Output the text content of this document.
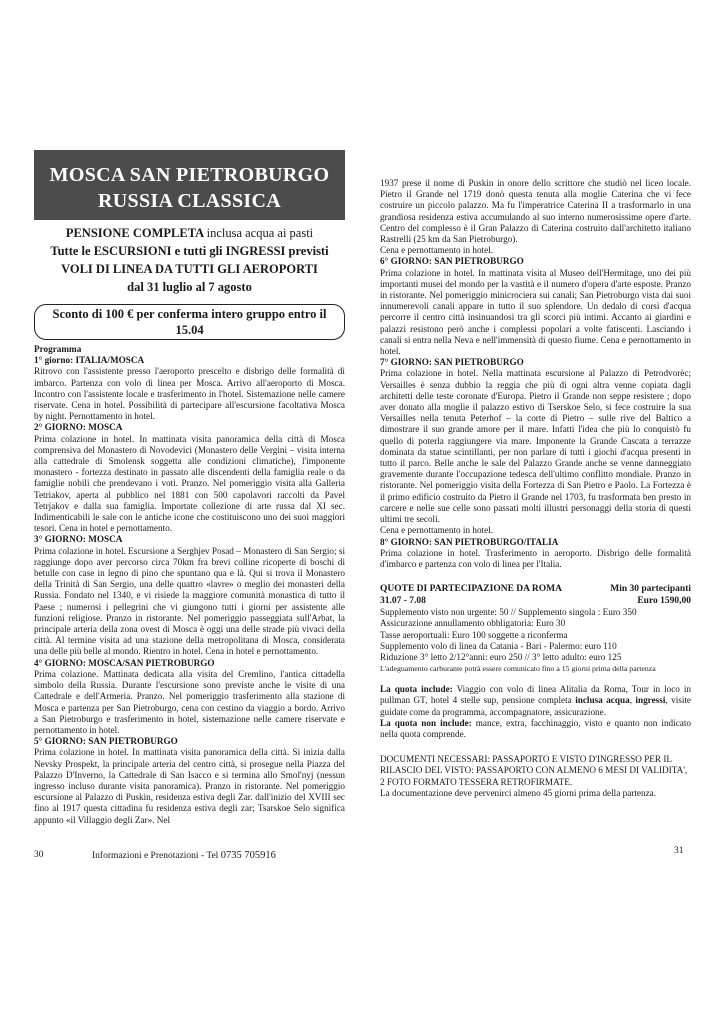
MOSCA SAN PIETROBURGO
RUSSIA CLASSICA
PENSIONE COMPLETA inclusa acqua ai pasti
Tutte le ESCURSIONI e tutti gli INGRESSI previsti
VOLI DI LINEA DA TUTTI GLI AEROPORTI
dal 31 luglio al 7 agosto
Sconto di 100 € per conferma intero gruppo entro il 15.04

Programma

1° giorno: ITALIA/MOSCA

Ritrovo con l'assistente presso l'aeroporto prescelto e disbrigo delle formalità di imbarco. Partenza con volo di linea per Mosca. Arrivo all'aeroporto di Mosca. Incontro con l'assistente locale e trasferimento in l'hotel. Sistemazione nelle camere riservate. Cena in hotel. Possibilità di partecipare all'escursione facoltativa Mosca by night. Pernottamento in hotel.

2° GIORNO: MOSCA

Prima colazione in hotel. In mattinata visita panoramica della città di Mosca comprensiva del Monastero di Novodevici (Monastero delle Vergini – visita interna alla cattedrale di Smolensk soggetta alle condizioni climatiche), l'imponente monastero - fortezza destinato in passato alle discendenti della famiglia reale o da famiglie nobili che prendevano i voti. Pranzo. Nel pomeriggio visita alla Galleria Tetriakov, aperta al pubblico nel 1881 con 500 capolavori raccolti da Pavel Tetrjakov e dalla sua famiglia. Importate collezione di arte russa dal XI sec. Indimenticabili le sale con le antiche icone che costituiscono uno dei suoi maggiori tesori. Cena in hotel e pernottamento.

3° GIORNO: MOSCA

Prima colazione in hotel. Escursione a Serghjev Posad – Monastero di San Sergio; si raggiunge dopo aver percorso circa 70km fra brevi colline ricoperte di boschi di betulle con case in legno di pino che spuntano qua e là. Qui si trova il Monastero della Trinità di San Sergio, una delle quattro «lavre» o meglio dei monasteri della Russia. Fondato nel 1340, e vi risiede la maggiore comunità monastica di tutto il Paese ; numerosi i pellegrini che vi giungono tutti i giorni per assistente alle funzioni religiose. Pranzo in ristorante. Nel pomeriggio passeggiata sull'Arbat, la principale arteria della zona ovest di Mosca è oggi una delle strade più vivaci della città. Al termine visita ad una stazione della metropolitana di Mosca, considerata una delle più belle al mondo. Rientro in hotel. Cena in hotel e pernottamento.

4° GIORNO: MOSCA/SAN PIETROBURGO

Prima colazione. Mattinata dedicata alla visita del Cremlino, l'antica cittadella simbolo della Russia. Durante l'escursione sono previste anche le visite di una Cattedrale e dell'Armeria. Pranzo. Nel pomeriggio trasferimento alla stazione di Mosca e partenza per San Pietroburgo, cena con cestino da viaggio a bordo. Arrivo a San Pietroburgo e trasferimento in hotel, sistemazione nelle camere riservate e pernottamento in hotel.

5° GIORNO: SAN PIETROBURGO

Prima colazione in hotel. In mattinata visita panoramica della città. Si inizia dalla Nevsky Prospekt, la principale arteria del centro città, si prosegue nella Piazza del Palazzo D'Inverno, la Cattedrale di San Isacco e si termina allo Smol'nyj (nessun ingresso incluso durante visita panoramica). Pranzo in ristorante. Nel pomeriggio escursione al Palazzo di Puskin, residenza estiva degli Zar. dall'inizio del XVIII sec fino al 1917 questa cittadina fu residenza estiva degli zar; Tsarskoe Selo significa appunto «il Villaggio degli Zar». Nel

1937 prese il nome di Puskin in onore dello scrittore che studiò nel liceo locale. Pietro il Grande nel 1719 donò questa tenuta alla moglie Caterina che vi fece costruire un piccolo palazzo. Ma fu l'imperatrice Caterina II a trasformarlo in una grandiosa residenza estiva accumulando al suo interno numerosissime opere d'arte. Centro del complesso è il Gran Palazzo di Caterina costruito dall'architetto italiano Rastrelli (25 km da San Pietroburgo).

Cena e pernottamento in hotel.

6° GIORNO: SAN PIETROBURGO

Prima colazione in hotel. In mattinata visita al Museo dell'Hermitage, uno dei più importanti musei del mondo per la vastità e il numero d'opera d'arte esposte. Pranzo in ristorante. Nel pomeriggio minicrociera sui canali; San Pietroburgo vista dai suoi innumerevoli canali appare in tutto il suo splendore. Un dedalo di corsi d'acqua percorre il centro città insinuandosi tra gli scorci più intimi. Accanto ai giardini e palazzi resistono però anche i complessi popolari a volte fatiscenti. Lasciando i canali si entra nella Neva e nell'immensità di questo fiume. Cena e pernottamento in hotel.

7° GIORNO: SAN PIETROBURGO

Prima colazione in hotel. Nella mattinata escursione al Palazzo di Petrodvorèc; Versailles è senza dubbio la reggia che più di ogni altra venne copiata dagli architetti delle teste coronate d'Europa. Pietro il Grande non seppe resistere ; dopo aver donato alla moglie il palazzo estivo di Tserskoe Selo, si fece costruire la sua Versailles nella tenuta Peterhof – la corte di Pietro – sulle rive del Baltico a dimostrare il suo grande amore per il mare. Infatti l'idea che più lo conquistò fu quello di poterla raggiungere via mare. Imponente la Grande Cascata a terrazze dominata da statue scintillanti, per non parlare di tutti i giochi d'acqua presenti in tutto il parco. Belle anche le sale del Palazzo Grande anche se venne danneggiato gravemente durante l'occupazione tedesca dell'ultimo conflitto mondiale. Pranzo in ristorante. Nel pomeriggio visita della Fortezza di San Pietro e Paolo. La Fortezza è il primo edificio costruito da Pietro il Grande nel 1703, fu trasformata ben presto in carcere e nelle sue celle sono passati molti illustri personaggi della storia di questi ultimi tre secoli.

Cena e pernottamento in hotel.

8° GIORNO: SAN PIETROBURGO/ITALIA

Prima colazione in hotel. Trasferimento in aeroporto. Disbrigo delle formalità d'imbarco e partenza con volo di linea per l'Italia.

QUOTE DI PARTECIPAZIONE DA ROMA	Min 30 partecipanti
31.07 - 7.08	Euro 1590,00

Supplemento visto non urgente: 50 // Supplemento singola : Euro 350

Assicurazione annullamento obbligatoria: Euro 30

Tasse aeroportuali: Euro 100 soggette a riconferma

Supplemento volo di linea da Catania - Bari - Palermo: euro 110

Riduzione 3° letto 2/12°anni: euro 250 // 3° letto adulto: euro 125

L'adeguamento carburante potrà essere comunicato fino a 15 giorni prima della partenza

La quota include: Viaggio con volo di linea Alitalia da Roma, Tour in loco in pullman GT, hotel 4 stelle sup, pensione completa inclusa acqua, ingressi, visite guidate come da programma, accompagnatore, assicurazione.

La quota non include: mance, extra, facchinaggio, visto e quanto non indicato nella quota comprende.

DOCUMENTI NECESSARI: PASSAPORTO E VISTO D'INGRESSO PER IL RILASCIO DEL VISTO: PASSAPORTO CON ALMENO 6 MESI DI VALIDITA', 2 FOTO FORMATO TESSERA RETROFIRMATE.
La documentazione deve pervenirci almeno 45 giorni prima della partenza.
30	Informazioni e Prenotazioni - Tel 0735 705916	31
